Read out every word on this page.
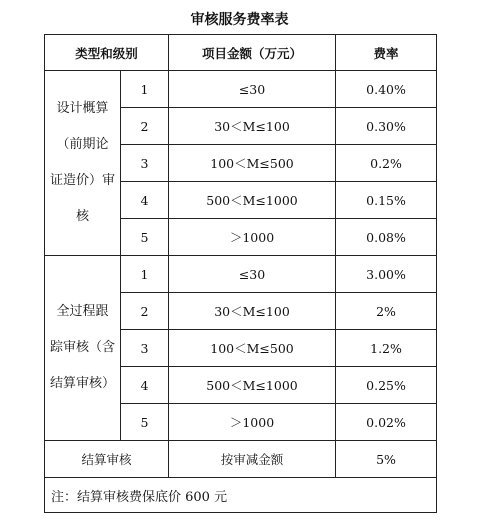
审核服务费率表
类型和级别		项目金额（万元）	费率

设计概算
（前期论
证造价）审
核	1	≤30	0.40%
	2	30＜M≤100	0.30%
	3	100＜M≤500	0.2%
	4	500＜M≤1000	0.15%
	5	＞1000	0.08%

全过程跟
踪审核（含
结算审核）	1	≤30	3.00%
	2	30＜M≤100	2%
	3	100＜M≤500	1.2%
	4	500＜M≤1000	0.25%
	5	＞1000	0.02%
结算审核		按审减金额	5%
注：结算审核费保底价 600 元			
